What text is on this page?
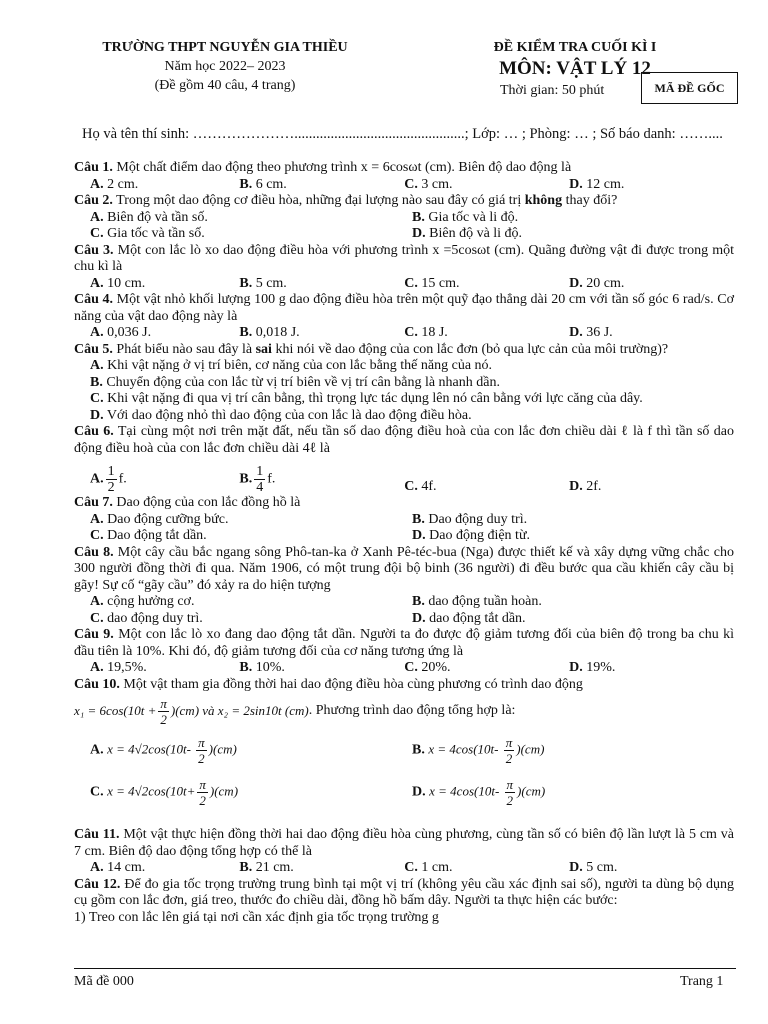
TRƯỜNG THPT NGUYỄN GIA THIỀU
Năm học 2022– 2023
(Đề gồm 40 câu, 4 trang)
ĐỀ KIỂM TRA CUỐI KÌ I
MÔN: VẬT LÝ 12
Thời gian: 50 phút	MÃ ĐỀ GỐC
Họ và tên thí sinh: …………………...............................................; Lớp: … ; Phòng: … ; Số báo danh: ……....

Câu 1. Một chất điểm dao động theo phương trình x = 6cosωt (cm). Biên độ dao động là

A. 2 cm.	B. 6 cm.	C. 3 cm.	D. 12 cm.

Câu 2. Trong một dao động cơ điều hòa, những đại lượng nào sau đây có giá trị không thay đổi?

A. Biên độ và tần số.	B. Gia tốc và li độ.
C. Gia tốc và tần số.	D. Biên độ và li độ.

Câu 3. Một con lắc lò xo dao động điều hòa với phương trình x =5cosωt (cm). Quãng đường vật đi được trong một chu kì là

A. 10 cm.	B. 5 cm.	C. 15 cm.	D. 20 cm.

Câu 4. Một vật nhỏ khối lượng 100 g dao động điều hòa trên một quỹ đạo thẳng dài 20 cm với tần số góc 6 rad/s. Cơ năng của vật dao động này là

A. 0,036 J.	B. 0,018 J.	C. 18 J.	D. 36 J.

Câu 5. Phát biểu nào sau đây là sai khi nói về dao động của con lắc đơn (bỏ qua lực cản của môi trường)?

A. Khi vật nặng ở vị trí biên, cơ năng của con lắc bằng thế năng của nó.
B. Chuyển động của con lắc từ vị trí biên về vị trí cân bằng là nhanh dần.
C. Khi vật nặng đi qua vị trí cân bằng, thì trọng lực tác dụng lên nó cân bằng với lực căng của dây.
D. Với dao động nhỏ thì dao động của con lắc là dao động điều hòa.

Câu 6. Tại cùng một nơi trên mặt đất, nếu tần số dao động điều hoà của con lắc đơn chiều dài ℓ là f thì tần số dao động điều hoà của con lắc đơn chiều dài 4ℓ là

A. $\frac{1}{2} f$.	B. $\frac{1}{4} f$.	C. 4f.	D. 2f.

Câu 7. Dao động của con lắc đồng hồ là

A. Dao động cưỡng bức.	B. Dao động duy trì.
C. Dao động tắt dần.	D. Dao động điện từ.

Câu 8. Một cây cầu bắc ngang sông Phô-tan-ka ở Xanh Pê-téc-bua (Nga) được thiết kế và xây dựng vững chắc cho 300 người đồng thời đi qua. Năm 1906, có một trung đội bộ binh (36 người) đi đều bước qua cầu khiến cây cầu bị gãy! Sự cố “gãy cầu” đó xảy ra do hiện tượng

A. cộng hưởng cơ.	B. dao động tuần hoàn.
C. dao động duy trì.	D. dao động tắt dần.

Câu 9. Một con lắc lò xo đang dao động tắt dần. Người ta đo được độ giảm tương đối của biên độ trong ba chu kì đầu tiên là 10%. Khi đó, độ giảm tương đối của cơ năng tương ứng là

A. 19,5%.	B. 10%.	C. 20%.	D. 19%.

Câu 10. Một vật tham gia đồng thời hai dao động điều hòa cùng phương có trình dao động

$x_1 = 6\cos(10t + \frac{\pi}{2} )(cm)$ và x₂ = 2sin10t (cm) . Phương trình dao động tổng hợp là:
A. $x = 4√2\cos(10t- \frac{\pi}{2} )(cm)$	B. $x = 4\cos(10t- \frac{\pi}{2} )(cm)$
C. $x = 4√2\cos(10t+ \frac{\pi}{2} )(cm)$	D. $x = 4\cos(10t- \frac{\pi}{2} )(cm)$

Câu 11. Một vật thực hiện đồng thời hai dao động điều hòa cùng phương, cùng tần số có biên độ lần lượt là 5 cm và 7 cm. Biên độ dao động tổng hợp có thể là

A. 14 cm.	B. 21 cm.	C. 1 cm.	D. 5 cm.

Câu 12. Để đo gia tốc trọng trường trung bình tại một vị trí (không yêu cầu xác định sai số), người ta dùng bộ dụng cụ gồm con lắc đơn, giá treo, thước đo chiều dài, đồng hồ bấm dây. Người ta thực hiện các bước:

1) Treo con lắc lên giá tại nơi cần xác định gia tốc trọng trường g
Mã đề 000	Trang 1
